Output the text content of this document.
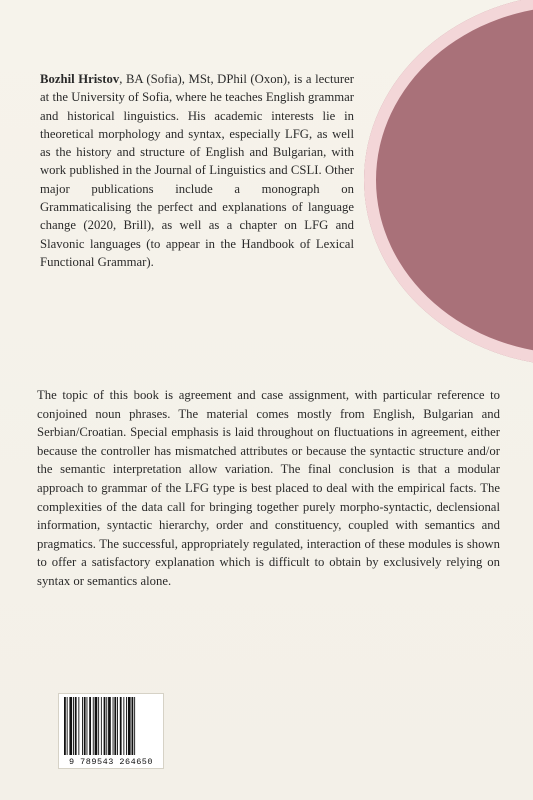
Bozhil Hristov, BA (Sofia), MSt, DPhil (Oxon), is a lecturer at the University of Sofia, where he teaches English grammar and historical linguistics. His academic interests lie in theoretical morphology and syntax, especially LFG, as well as the history and structure of English and Bulgarian, with work published in the Journal of Linguistics and CSLI. Other major publications include a monograph on Grammaticalising the perfect and explanations of language change (2020, Brill), as well as a chapter on LFG and Slavonic languages (to appear in the Handbook of Lexical Functional Grammar).

The topic of this book is agreement and case assignment, with particular reference to conjoined noun phrases. The material comes mostly from English, Bulgarian and Serbian/Croatian. Special emphasis is laid throughout on fluctuations in agreement, either because the controller has mismatched attributes or because the syntactic structure and/or the semantic interpretation allow variation. The final conclusion is that a modular approach to grammar of the LFG type is best placed to deal with the empirical facts. The complexities of the data call for bringing together purely morpho-syntactic, declensional information, syntactic hierarchy, order and constituency, coupled with semantics and pragmatics. The successful, appropriately regulated, interaction of these modules is shown to offer a satisfactory explanation which is difficult to obtain by exclusively relying on syntax or semantics alone.

9 789543 264650
